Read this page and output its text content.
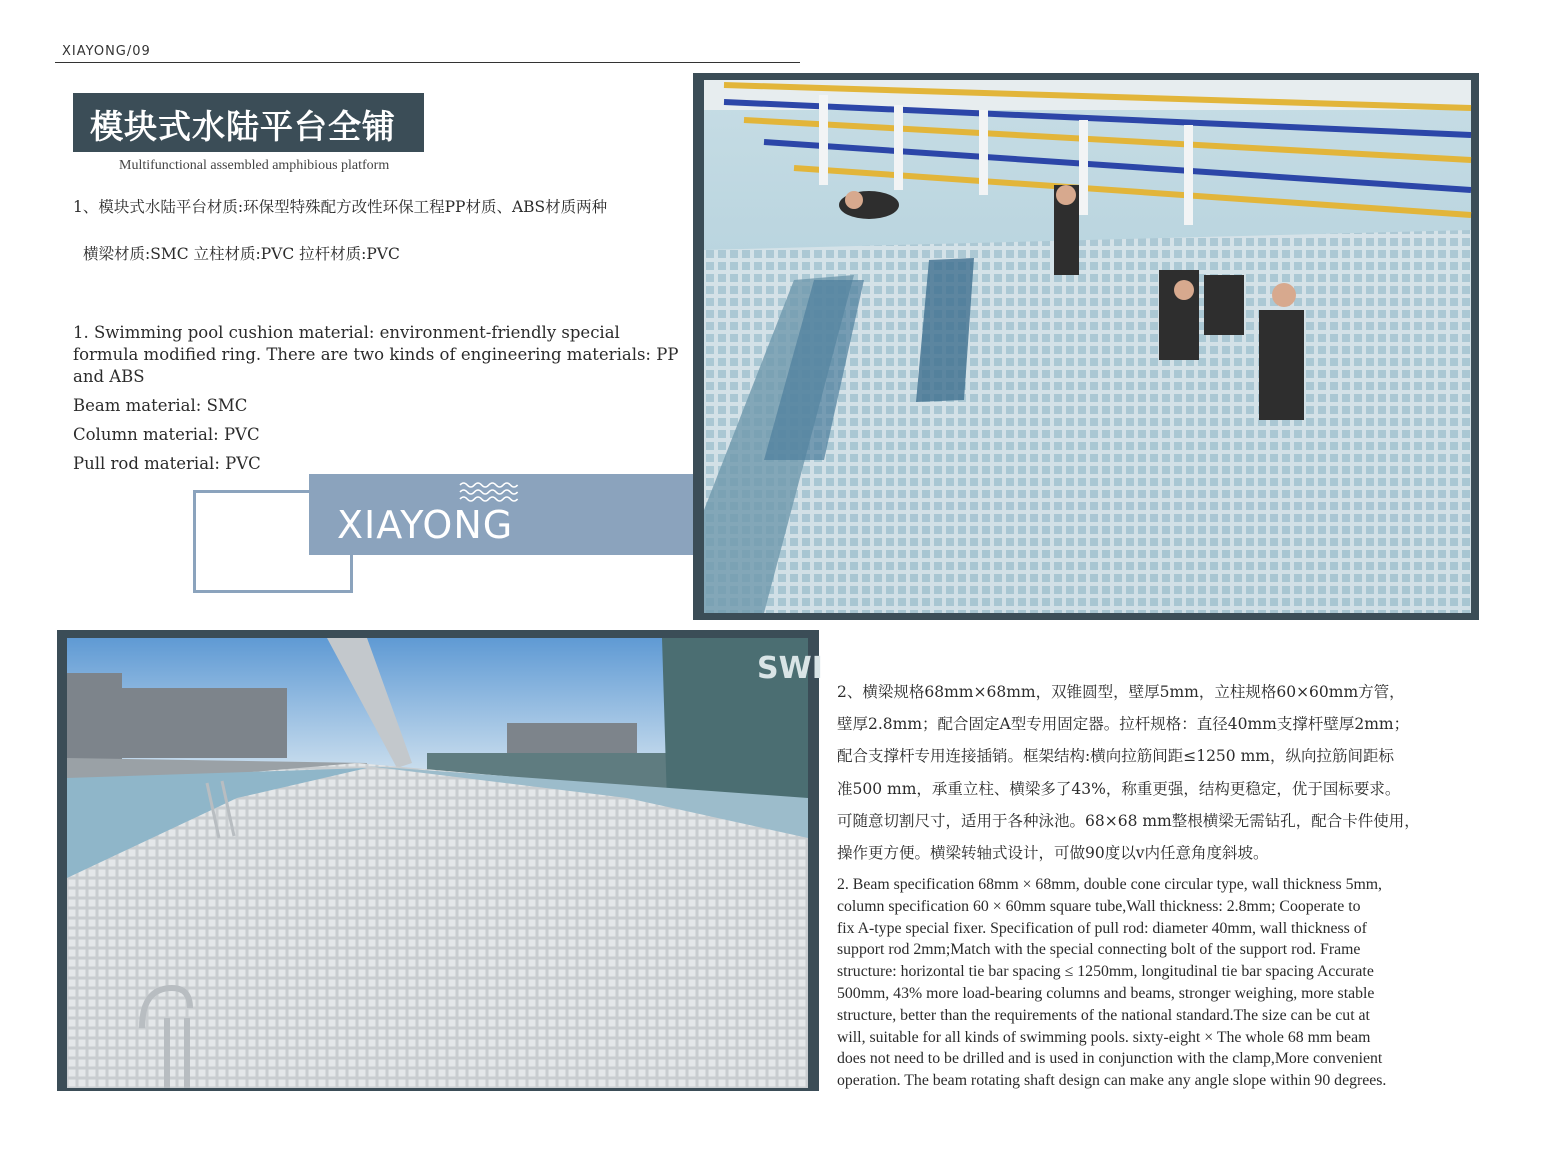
XIAYONG/09
模块式水陆平台全铺
Multifunctional assembled amphibious platform
1、模块式水陆平台材质:环保型特殊配方改性环保工程PP材质、ABS材质两种
横梁材质:SMC 立柱材质:PVC 拉杆材质:PVC

1. Swimming pool cushion material: environment-friendly special formula modified ring. There are two kinds of engineering materials: PP and ABS

Beam material: SMC

Column material: PVC

Pull rod material: PVC

XIAYONG
SWI
2、横梁规格68mm×68mm，双锥圆型，壁厚5mm，立柱规格60×60mm方管，
壁厚2.8mm；配合固定A型专用固定器。拉杆规格：直径40mm支撑杆壁厚2mm；
配合支撑杆专用连接插销。框架结构:横向拉筋间距≤1250 mm，纵向拉筋间距标
准500 mm，承重立柱、横梁多了43%，称重更强，结构更稳定，优于国标要求。
可随意切割尺寸，适用于各种泳池。68×68 mm整根横梁无需钻孔，配合卡件使用，
操作更方便。横梁转轴式设计，可做90度以v内任意角度斜坡。
2. Beam specification 68mm × 68mm, double cone circular type, wall thickness 5mm,
column specification 60 × 60mm square tube,Wall thickness: 2.8mm; Cooperate to
fix A-type special fixer. Specification of pull rod: diameter 40mm, wall thickness of
support rod 2mm;Match with the special connecting bolt of the support rod. Frame
structure: horizontal tie bar spacing ≤ 1250mm, longitudinal tie bar spacing Accurate
500mm, 43% more load-bearing columns and beams, stronger weighing, more stable
structure, better than the requirements of the national standard.The size can be cut at
will, suitable for all kinds of swimming pools. sixty-eight × The whole 68 mm beam
does not need to be drilled and is used in conjunction with the clamp,More convenient
operation. The beam rotating shaft design can make any angle slope within 90 degrees.
